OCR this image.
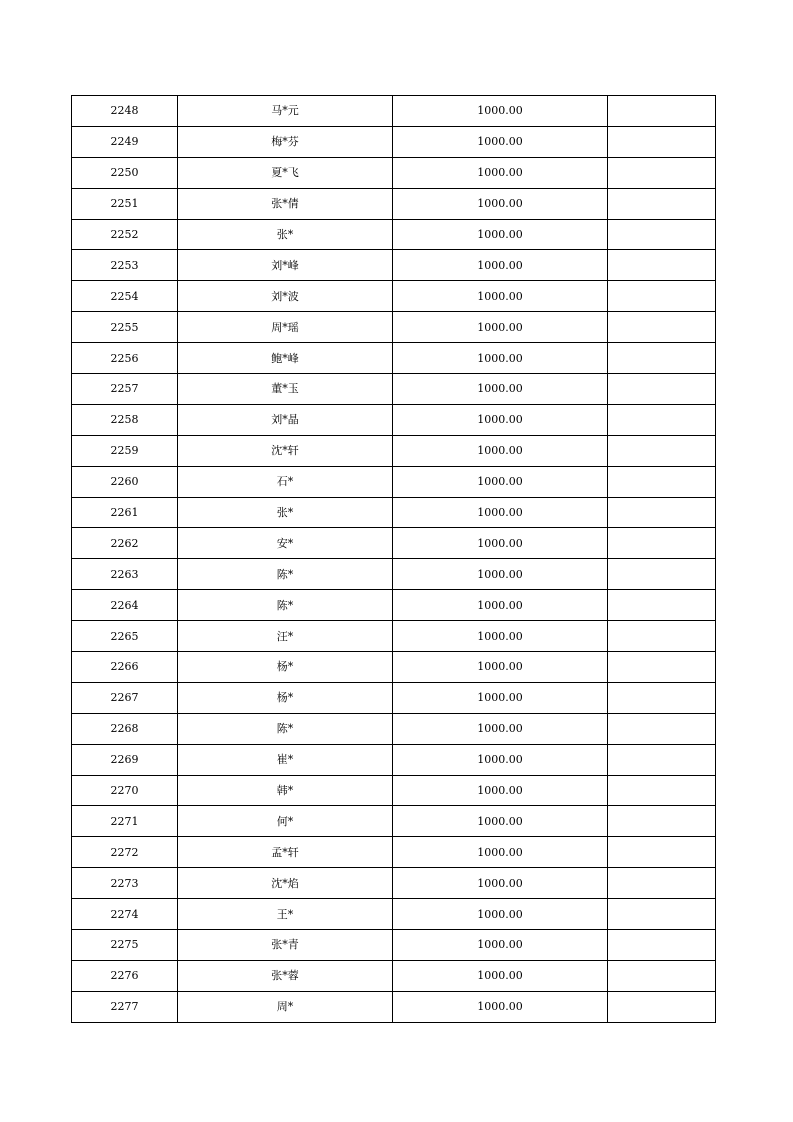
2248	马*元	1000.00	
2249	梅*芬	1000.00	
2250	夏*飞	1000.00	
2251	张*倩	1000.00	
2252	张*	1000.00	
2253	刘*峰	1000.00	
2254	刘*波	1000.00	
2255	周*瑶	1000.00	
2256	鲍*峰	1000.00	
2257	董*玉	1000.00	
2258	刘*晶	1000.00	
2259	沈*轩	1000.00	
2260	石*	1000.00	
2261	张*	1000.00	
2262	安*	1000.00	
2263	陈*	1000.00	
2264	陈*	1000.00	
2265	汪*	1000.00	
2266	杨*	1000.00	
2267	杨*	1000.00	
2268	陈*	1000.00	
2269	崔*	1000.00	
2270	韩*	1000.00	
2271	何*	1000.00	
2272	孟*轩	1000.00	
2273	沈*焰	1000.00	
2274	王*	1000.00	
2275	张*青	1000.00	
2276	张*蓉	1000.00	
2277	周*	1000.00	
